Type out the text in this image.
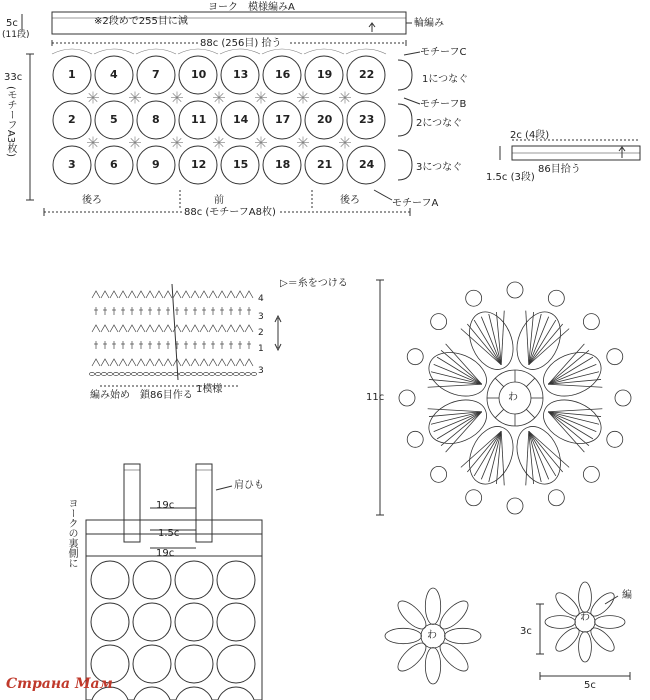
ヨーク　模様編みA
※2段めで255目に減	輪編み
88c (256目) 拾う
5c
(11段)
33c
(モチーフA3枚)
モチーフC
1につなぐ
モチーフB
2につなぐ
3につなぐ
モチーフA
後ろ	前	後ろ
88c (モチーフA8枚)
1	4	7	10 13 16 19 22
2	5	8	11 14 17 20 23
3	6	9	12 15 18 21 24
2c (4段)
86目拾う
1.5c (3段)
▷＝糸をつける
編み始め　鎖86目作る
1模様
4
3
2
1
3
11c	わ
肩ひも
ヨークの裏側に	19c
1.5c
19c
3c
5c
わ
編
わ
Страна Мам
